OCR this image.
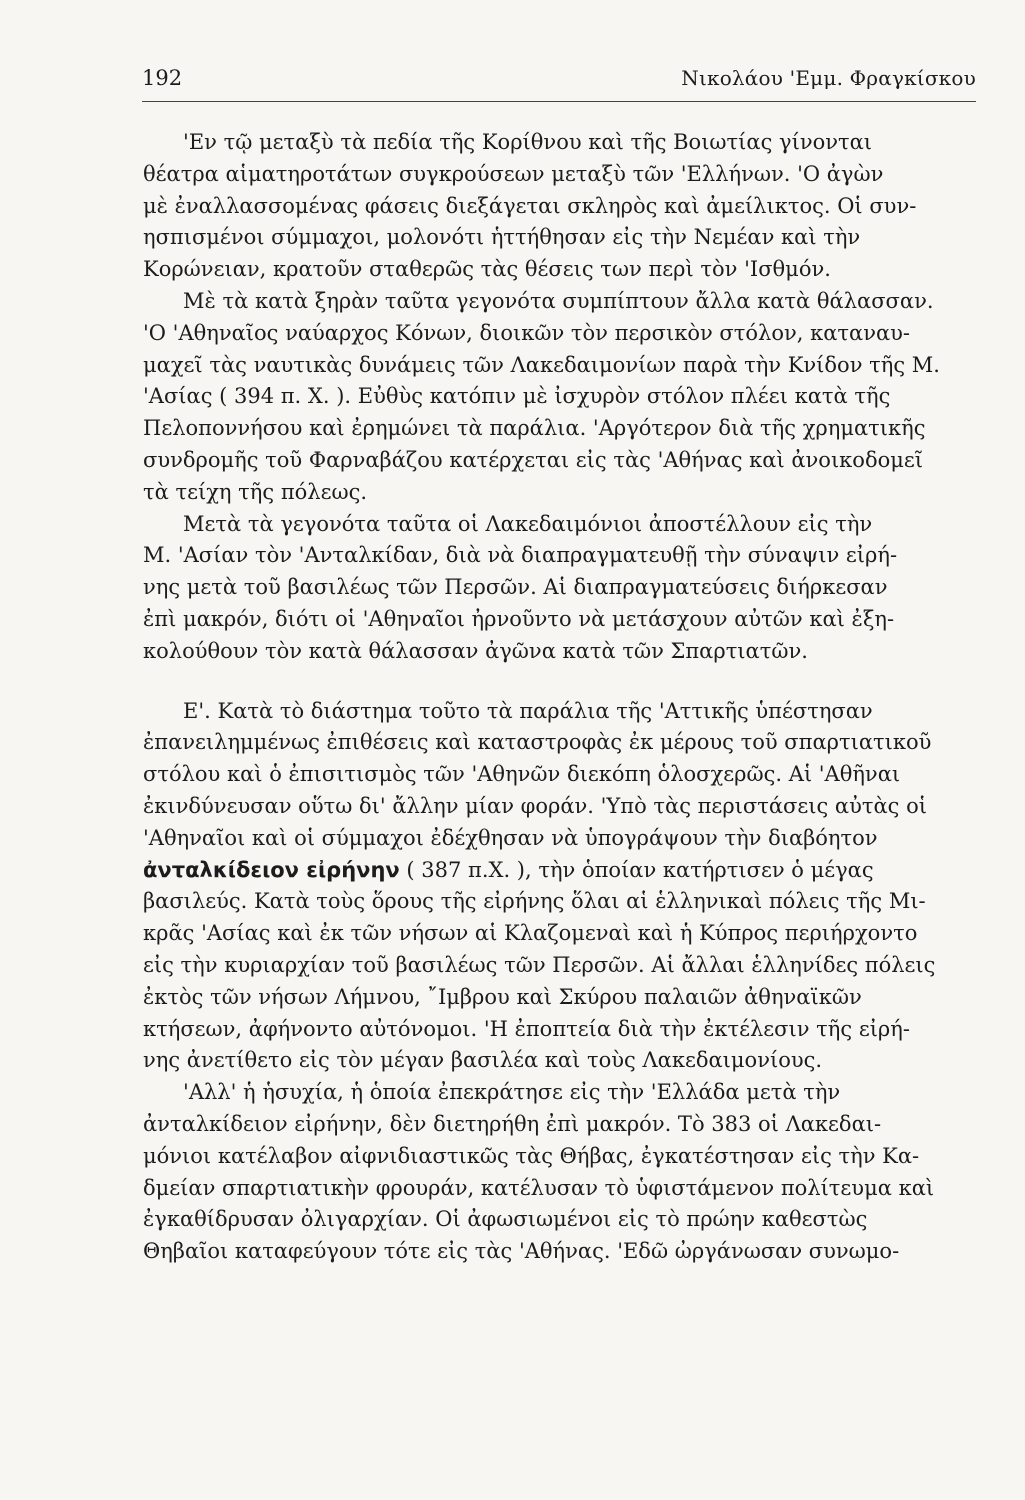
192	Νικολάου 'Εμμ. Φραγκίσκου
'Εν τῷ μεταξὺ τὰ πεδία τῆς Κορίθνου καὶ τῆς Βοιωτίας γίνονται
θέατρα αἱματηροτάτων συγκρούσεων μεταξὺ τῶν 'Ελλήνων. 'Ο ἀγὼν
μὲ ἐναλλασσομένας φάσεις διεξάγεται σκληρὸς καὶ ἀμείλικτος. Οἱ συν-
ησπισμένοι σύμμαχοι, μολονότι ἡττήθησαν εἰς τὴν Νεμέαν καὶ τὴν
Κορώνειαν, κρατοῦν σταθερῶς τὰς θέσεις των περὶ τὸν 'Ισθμόν.
Μὲ τὰ κατὰ ξηρὰν ταῦτα γεγονότα συμπίπτουν ἄλλα κατὰ θάλασσαν.
'Ο 'Αθηναῖος ναύαρχος Κόνων, διοικῶν τὸν περσικὸν στόλον, καταναυ-
μαχεῖ τὰς ναυτικὰς δυνάμεις τῶν Λακεδαιμονίων παρὰ τὴν Κνίδον τῆς Μ.
'Ασίας ( 394 π. Χ. ). Εὐθὺς κατόπιν μὲ ἰσχυρὸν στόλον πλέει κατὰ τῆς
Πελοποννήσου καὶ ἐρημώνει τὰ παράλια. 'Αργότερον διὰ τῆς χρηματικῆς
συνδρομῆς τοῦ Φαρναβάζου κατέρχεται εἰς τὰς 'Αθήνας καὶ ἀνοικοδομεῖ
τὰ τείχη τῆς πόλεως.
Μετὰ τὰ γεγονότα ταῦτα οἱ Λακεδαιμόνιοι ἀποστέλλουν εἰς τὴν
Μ. 'Ασίαν τὸν 'Ανταλκίδαν, διὰ νὰ διαπραγματευθῇ τὴν σύναψιν εἰρή-
νης μετὰ τοῦ βασιλέως τῶν Περσῶν. Αἱ διαπραγματεύσεις διήρκεσαν
ἐπὶ μακρόν, διότι οἱ 'Αθηναῖοι ἠρνοῦντο νὰ μετάσχουν αὐτῶν καὶ ἐξη-
κολούθουν τὸν κατὰ θάλασσαν ἀγῶνα κατὰ τῶν Σπαρτιατῶν.
Ε'. Κατὰ τὸ διάστημα τοῦτο τὰ παράλια τῆς 'Αττικῆς ὑπέστησαν
ἐπανειλημμένως ἐπιθέσεις καὶ καταστροφὰς ἐκ μέρους τοῦ σπαρτιατικοῦ
στόλου καὶ ὁ ἐπισιτισμὸς τῶν 'Αθηνῶν διεκόπη ὁλοσχερῶς. Αἱ 'Αθῆναι
ἐκινδύνευσαν οὕτω δι' ἄλλην μίαν φοράν. 'Υπὸ τὰς περιστάσεις αὐτὰς οἱ
'Αθηναῖοι καὶ οἱ σύμμαχοι ἐδέχθησαν νὰ ὑπογράψουν τὴν διαβόητον
ἀνταλκίδειον εἰρήνην ( 387 π.Χ. ), τὴν ὁποίαν κατήρτισεν ὁ μέγας
βασιλεύς. Κατὰ τοὺς ὅρους τῆς εἰρήνης ὅλαι αἱ ἑλληνικαὶ πόλεις τῆς Μι-
κρᾶς 'Ασίας καὶ ἐκ τῶν νήσων αἱ Κλαζομεναὶ καὶ ἡ Κύπρος περιήρχοντο
εἰς τὴν κυριαρχίαν τοῦ βασιλέως τῶν Περσῶν. Αἱ ἄλλαι ἑλληνίδες πόλεις
ἐκτὸς τῶν νήσων Λήμνου, ῎Ιμβρου καὶ Σκύρου παλαιῶν ἀθηναϊκῶν
κτήσεων, ἀφήνοντο αὐτόνομοι. 'Η ἐποπτεία διὰ τὴν ἐκτέλεσιν τῆς εἰρή-
νης ἀνετίθετο εἰς τὸν μέγαν βασιλέα καὶ τοὺς Λακεδαιμονίους.
'Αλλ' ἡ ἡσυχία, ἡ ὁποία ἐπεκράτησε εἰς τὴν 'Ελλάδα μετὰ τὴν
ἀνταλκίδειον εἰρήνην, δὲν διετηρήθη ἐπὶ μακρόν. Τὸ 383 οἱ Λακεδαι-
μόνιοι κατέλαβον αἰφνιδιαστικῶς τὰς Θήβας, ἐγκατέστησαν εἰς τὴν Κα-
δμείαν σπαρτιατικὴν φρουράν, κατέλυσαν τὸ ὑφιστάμενον πολίτευμα καὶ
ἐγκαθίδρυσαν ὀλιγαρχίαν. Οἱ ἀφωσιωμένοι εἰς τὸ πρώην καθεστὼς
Θηβαῖοι καταφεύγουν τότε εἰς τὰς 'Αθήνας. 'Εδῶ ὠργάνωσαν συνωμο-
